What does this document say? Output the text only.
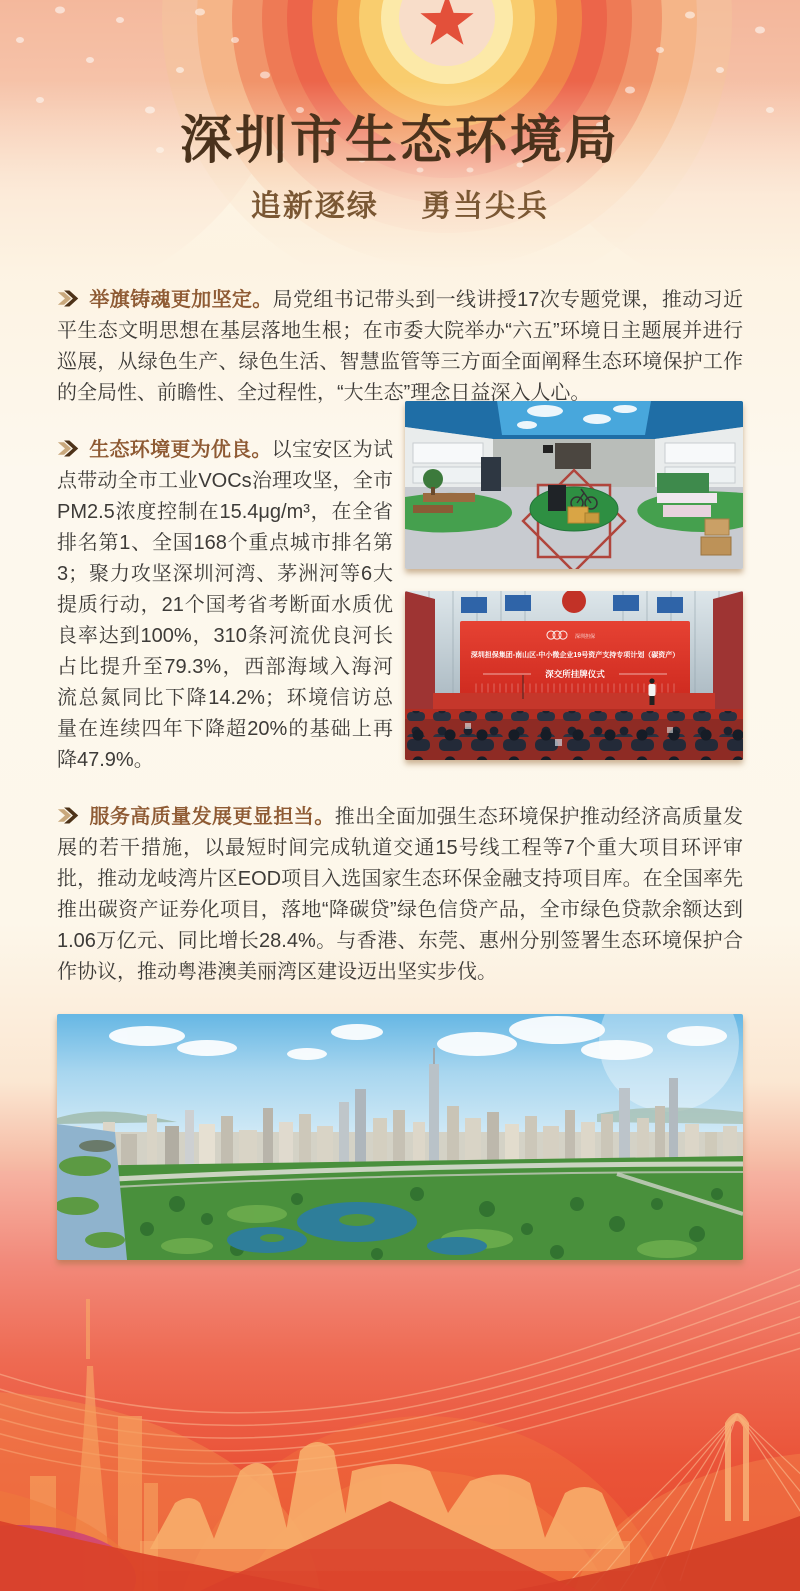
深圳市生态环境局
追新逐绿　 勇当尖兵

举旗铸魂更加坚定。局党组书记带头到一线讲授17次专题党课，推动习近平生态文明思想在基层落地生根；在市委大院举办“六五”环境日主题展并进行巡展，从绿色生产、绿色生活、智慧监管等三方面全面阐释生态环境保护工作的全局性、前瞻性、全过程性，“大生态”理念日益深入人心。

深圳担保
深圳担保集团-南山区-中小微企业19号资产支持专项计划（碳资产）
深交所挂牌仪式

生态环境更为优良。以宝安区为试点带动全市工业VOCs治理攻坚，全市PM2.5浓度控制在15.4μg/m³，在全省排名第1、全国168个重点城市排名第3；聚力攻坚深圳河湾、茅洲河等6大提质行动，21个国考省考断面水质优良率达到100%，310条河流优良河长占比提升至79.3%，西部海域入海河流总氮同比下降14.2%；环境信访总量在连续四年下降超20%的基础上再降47.9%。

服务高质量发展更显担当。推出全面加强生态环境保护推动经济高质量发展的若干措施，以最短时间完成轨道交通15号线工程等7个重大项目环评审批，推动龙岐湾片区EOD项目入选国家生态环保金融支持项目库。在全国率先推出碳资产证券化项目，落地“降碳贷”绿色信贷产品，全市绿色贷款余额达到1.06万亿元、同比增长28.4%。与香港、东莞、惠州分别签署生态环境保护合作协议，推动粤港澳美丽湾区建设迈出坚实步伐。
